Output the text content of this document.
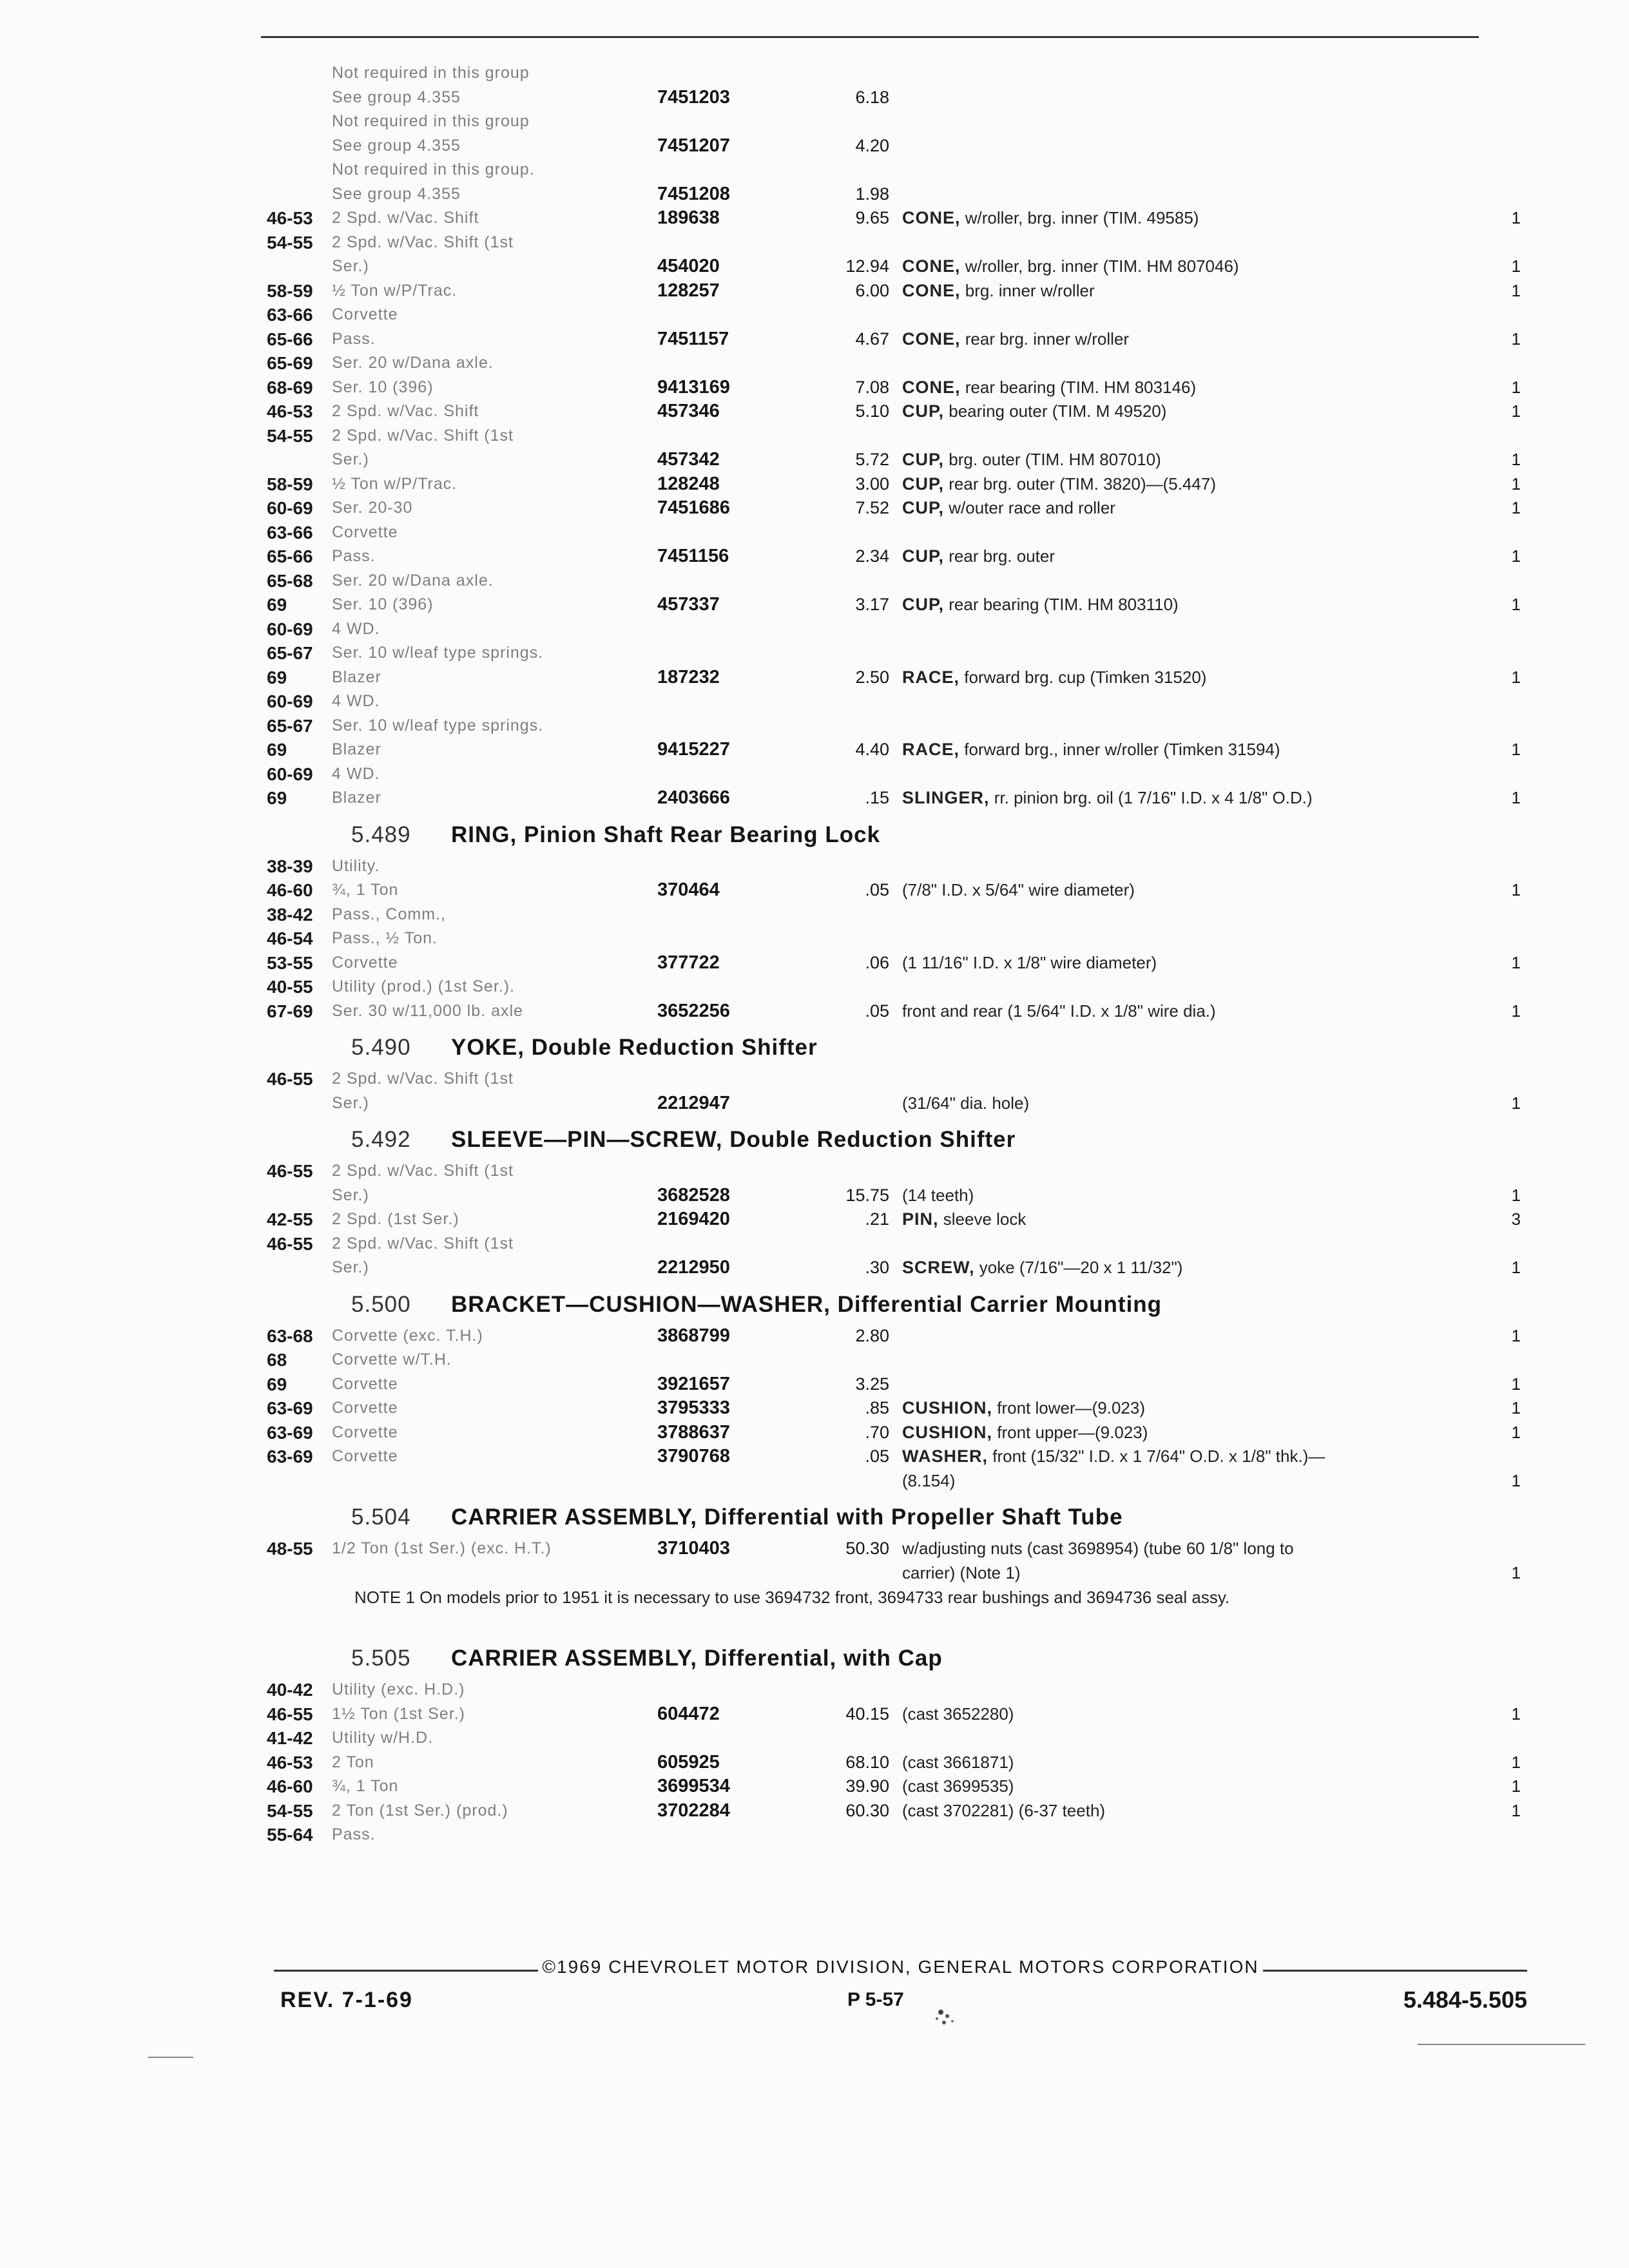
Not required in this group
See group 4.355	7451203	6.18
Not required in this group
See group 4.355	7451207	4.20
Not required in this group.
See group 4.355	7451208	1.98
46-53 2 Spd. w/Vac. Shift	189638	9.65 CONE, w/roller, brg. inner (TIM. 49585)	1
54-55 2 Spd. w/Vac. Shift (1st
Ser.)	454020	12.94 CONE, w/roller, brg. inner (TIM. HM 807046)	1
58-59 ½ Ton w/P/Trac.	128257	6.00 CONE, brg. inner w/roller	1
63-66 Corvette
65-66 Pass.	7451157	4.67 CONE, rear brg. inner w/roller	1
65-69 Ser. 20 w/Dana axle.
68-69 Ser. 10 (396)	9413169	7.08 CONE, rear bearing (TIM. HM 803146)	1
46-53 2 Spd. w/Vac. Shift	457346	5.10 CUP, bearing outer (TIM. M 49520)	1
54-55 2 Spd. w/Vac. Shift (1st
Ser.)	457342	5.72 CUP, brg. outer (TIM. HM 807010)	1
58-59 ½ Ton w/P/Trac.	128248	3.00 CUP, rear brg. outer (TIM. 3820)—(5.447)	1
60-69 Ser. 20-30	7451686	7.52 CUP, w/outer race and roller	1
63-66 Corvette
65-66 Pass.	7451156	2.34 CUP, rear brg. outer	1
65-68 Ser. 20 w/Dana axle.
69	Ser. 10 (396)	457337	3.17 CUP, rear bearing (TIM. HM 803110)	1
60-69 4 WD.
65-67 Ser. 10 w/leaf type springs.
69	Blazer	187232	2.50 RACE, forward brg. cup (Timken 31520)	1
60-69 4 WD.
65-67 Ser. 10 w/leaf type springs.
69	Blazer	9415227	4.40 RACE, forward brg., inner w/roller (Timken 31594)	1
60-69 4 WD.
69	Blazer	2403666	.15 SLINGER, rr. pinion brg. oil (1 7/16" I.D. x 4 1/8" O.D.)	1
5.489 RING, Pinion Shaft Rear Bearing Lock
38-39 Utility.
46-60 ¾, 1 Ton	370464	.05 (7/8" I.D. x 5/64" wire diameter)	1
38-42 Pass., Comm.,
46-54 Pass., ½ Ton.
53-55 Corvette	377722	.06 (1 11/16" I.D. x 1/8" wire diameter)	1
40-55 Utility (prod.) (1st Ser.).
67-69 Ser. 30 w/11,000 lb. axle	3652256	.05 front and rear (1 5/64" I.D. x 1/8" wire dia.)	1
5.490 YOKE, Double Reduction Shifter
46-55 2 Spd. w/Vac. Shift (1st
Ser.)	2212947	(31/64" dia. hole)	1
5.492 SLEEVE—PIN—SCREW, Double Reduction Shifter
46-55 2 Spd. w/Vac. Shift (1st
Ser.)	3682528	15.75 (14 teeth)	1
42-55 2 Spd. (1st Ser.)	2169420	.21 PIN, sleeve lock	3
46-55 2 Spd. w/Vac. Shift (1st
Ser.)	2212950	.30 SCREW, yoke (7/16"—20 x 1 11/32")	1
5.500 BRACKET—CUSHION—WASHER, Differential Carrier Mounting
63-68 Corvette (exc. T.H.)	3868799	2.80	1
68	Corvette w/T.H.
69	Corvette	3921657	3.25	1
63-69 Corvette	3795333	.85 CUSHION, front lower—(9.023)	1
63-69 Corvette	3788637	.70 CUSHION, front upper—(9.023)	1
63-69 Corvette	3790768	.05 WASHER, front (15/32" I.D. x 1 7/64" O.D. x 1/8" thk.)—
(8.154)	1
5.504 CARRIER ASSEMBLY, Differential with Propeller Shaft Tube
48-55 1/2 Ton (1st Ser.) (exc. H.T.)	3710403	50.30 w/adjusting nuts (cast 3698954) (tube 60 1/8" long to
carrier) (Note 1)	1
NOTE 1 On models prior to 1951 it is necessary to use 3694732 front, 3694733 rear bushings and 3694736 seal assy.
5.505 CARRIER ASSEMBLY, Differential, with Cap
40-42 Utility (exc. H.D.)
46-55 1½ Ton (1st Ser.)	604472	40.15 (cast 3652280)	1
41-42 Utility w/H.D.
46-53 2 Ton	605925	68.10 (cast 3661871)	1
46-60 ¾, 1 Ton	3699534	39.90 (cast 3699535)	1
54-55 2 Ton (1st Ser.) (prod.)	3702284	60.30 (cast 3702281) (6-37 teeth)	1
55-64 Pass.
©1969 CHEVROLET MOTOR DIVISION, GENERAL MOTORS CORPORATION
REV. 7-1-69	P 5-57	5.484-5.505
